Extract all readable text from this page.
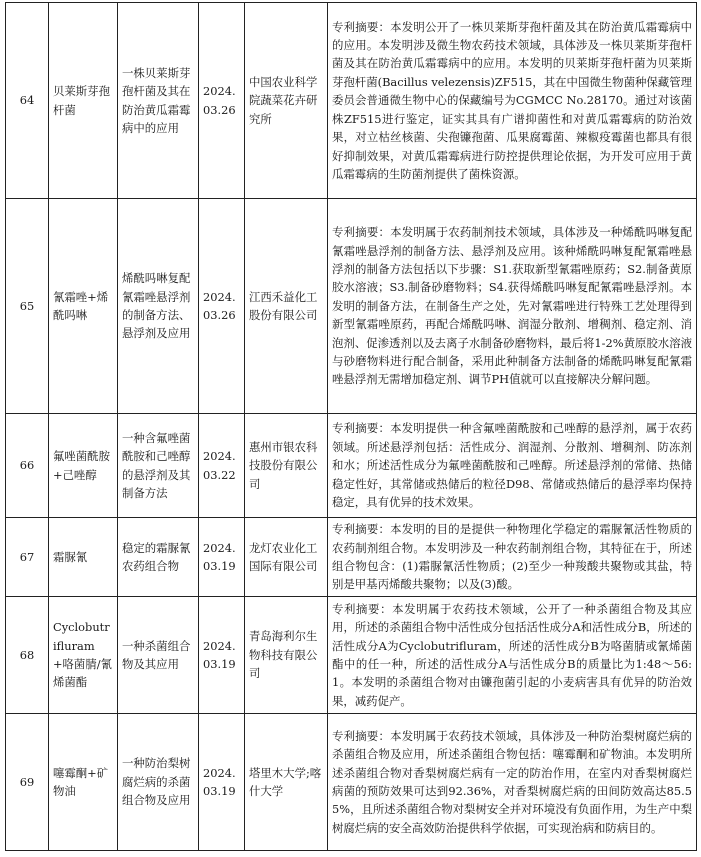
64	贝莱斯芽孢杆菌	一株贝莱斯芽孢杆菌及其在防治黄瓜霜霉病中的应用	2024.03.26	中国农业科学院蔬菜花卉研究所	专利摘要：本发明公开了一株贝莱斯芽孢杆菌及其在防治黄瓜霜霉病中的应用。本发明涉及微生物农药技术领域，具体涉及一株贝莱斯芽孢杆菌及其在防治黄瓜霜霉病中的应用。本发明的贝莱斯芽孢杆菌为贝莱斯芽孢杆菌(Bacillus velezensis)ZF515，其在中国微生物菌种保藏管理委员会普通微生物中心的保藏编号为CGMCC No.28170。通过对该菌株ZF515进行鉴定，证实其具有广谱抑菌性和对黄瓜霜霉病的防治效果，对立枯丝核菌、尖孢镰孢菌、瓜果腐霉菌、辣椒疫霉菌也都具有很好抑制效果，对黄瓜霜霉病进行防控提供理论依据，为开发可应用于黄瓜霜霉病的生防菌剂提供了菌株资源。
65	氰霜唑+烯酰吗啉	烯酰吗啉复配氰霜唑悬浮剂的制备方法、悬浮剂及应用	2024.03.26	江西禾益化工股份有限公司	专利摘要：本发明属于农药制剂技术领域，具体涉及一种烯酰吗啉复配氰霜唑悬浮剂的制备方法、悬浮剂及应用。该种烯酰吗啉复配氰霜唑悬浮剂的制备方法包括以下步骤：S1.获取新型氰霜唑原药；S2.制备黄原胶水溶液；S3.制备砂磨物料；S4.获得烯酰吗啉复配氰霜唑悬浮剂。本发明的制备方法，在制备生产之处，先对氰霜唑进行特殊工艺处理得到新型氰霜唑原药，再配合烯酰吗啉、润湿分散剂、增稠剂、稳定剂、消泡剂、促渗透剂以及去离子水制备砂磨物料，最后将1-2%黄原胶水溶液与砂磨物料进行配合制备，采用此种制备方法制备的烯酰吗啉复配氰霜唑悬浮剂无需增加稳定剂、调节PH值就可以直接解决分解问题。
66	氟唑菌酰胺+己唑醇	一种含氟唑菌酰胺和己唑醇的悬浮剂及其制备方法	2024.03.22	惠州市银农科技股份有限公司	专利摘要：本发明提供一种含氟唑菌酰胺和己唑醇的悬浮剂，属于农药领域。所述悬浮剂包括：活性成分、润湿剂、分散剂、增稠剂、防冻剂和水；所述活性成分为氟唑菌酰胺和己唑醇。所述悬浮剂的常储、热储稳定性好，其常储或热储后的粒径D98、常储或热储后的悬浮率均保持稳定，具有优异的技术效果。
67	霜脲氰	稳定的霜脲氰农药组合物	2024.03.19	龙灯农业化工国际有限公司	专利摘要：本发明的目的是提供一种物理化学稳定的霜脲氰活性物质的农药制剂组合物。本发明涉及一种农药制剂组合物，其特征在于，所述组合物包含：(1)霜脲氰活性物质；(2)至少一种羧酸共聚物或其盐，特别是甲基丙烯酸共聚物；以及(3)酸。
68	Cyclobutrifluram+咯菌腈/氰烯菌酯	一种杀菌组合物及其应用	2024.03.19	青岛海利尔生物科技有限公司	专利摘要：本发明属于农药技术领域，公开了一种杀菌组合物及其应用，所述的杀菌组合物中活性成分包括活性成分A和活性成分B，所述的活性成分A为Cyclobutrifluram，所述的活性成分B为咯菌腈或氰烯菌酯中的任一种，所述的活性成分A与活性成分B的质量比为1:48～56:1。本发明的杀菌组合物对由镰孢菌引起的小麦病害具有优异的防治效果，减药促产。
69	噻霉酮+矿物油	一种防治梨树腐烂病的杀菌组合物及应用	2024.03.19	塔里木大学;喀什大学	专利摘要：本发明属于农药技术领域，具体涉及一种防治梨树腐烂病的杀菌组合物及应用，所述杀菌组合物包括：噻霉酮和矿物油。本发明所述杀菌组合物对香梨树腐烂病有一定的防治作用，在室内对香梨树腐烂病菌的预防效果可达到92.36%，对香梨树腐烂病的田间防效高达85.55%，且所述杀菌组合物对梨树安全并对环境没有负面作用，为生产中梨树腐烂病的安全高效防治提供科学依据，可实现治病和防病目的。
